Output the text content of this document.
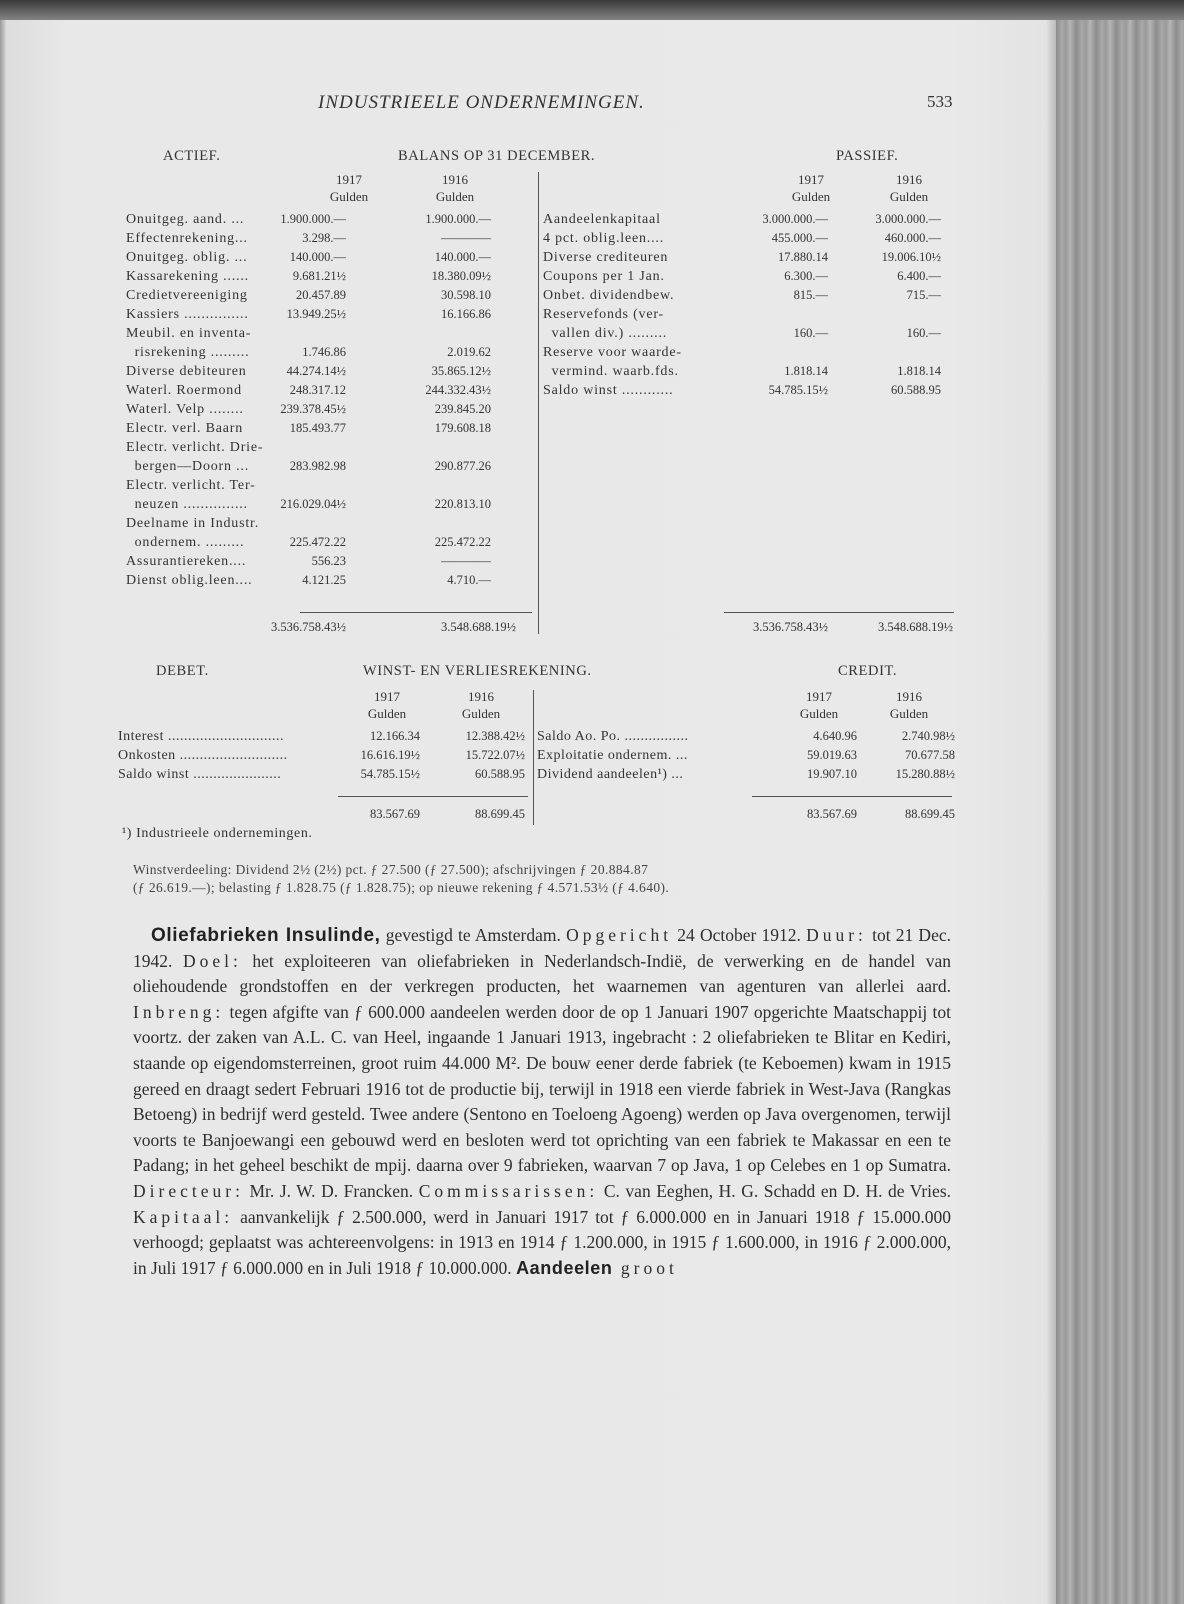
INDUSTRIEELE ONDERNEMINGEN.	533
ACTIEF.	BALANS OP 31 DECEMBER.	PASSIEF.
1917
Gulden
1916
Gulden
1917
Gulden
1916
Gulden
Onuitgeg. aand. ...	1.900.000.—	1.900.000.—
Effectenrekening...	3.298.—	————
Onuitgeg. oblig. ...	140.000.—	140.000.—
Kassarekening ......	9.681.21½	18.380.09½
Credietvereeniging	20.457.89	30.598.10
Kassiers ...............	13.949.25½	16.166.86
Meubil. en inventa-
risrekening .........	1.746.86	2.019.62
Diverse debiteuren	44.274.14½	35.865.12½
Waterl. Roermond	248.317.12	244.332.43½
Waterl. Velp ........	239.378.45½	239.845.20
Electr. verl. Baarn	185.493.77	179.608.18
Electr. verlicht. Drie-
bergen—Doorn ...	283.982.98	290.877.26
Electr. verlicht. Ter-
neuzen ...............	216.029.04½	220.813.10
Deelname in Industr.
ondernem. .........	225.472.22	225.472.22
Assurantiereken....	556.23	————
Dienst oblig.leen....	4.121.25	4.710.—
3.536.758.43½	3.548.688.19½
Aandeelenkapitaal	3.000.000.—	3.000.000.—
4 pct. oblig.leen....	455.000.—	460.000.—
Diverse crediteuren	17.880.14	19.006.10½
Coupons per 1 Jan.	6.300.—	6.400.—
Onbet. dividendbew.	815.—	715.—
Reservefonds (ver-
vallen div.) .........	160.—	160.—
Reserve voor waarde-
vermind. waarb.fds.	1.818.14	1.818.14
Saldo winst ............	54.785.15½	60.588.95
3.536.758.43½	3.548.688.19½
DEBET.	WINST- EN VERLIESREKENING.	CREDIT.
1917
Gulden
1916
Gulden
1917
Gulden
1916
Gulden
Interest .............................	12.166.34	12.388.42½
Onkosten ...........................	16.616.19½	15.722.07½
Saldo winst ......................	54.785.15½	60.588.95
83.567.69	88.699.45
¹) Industrieele ondernemingen.
Saldo Ao. Po. ................	4.640.96	2.740.98½
Exploitatie ondernem. ...	59.019.63	70.677.58
Dividend aandeelen¹) ...	19.907.10	15.280.88½
83.567.69	88.699.45

Winstverdeeling: Dividend 2½ (2½) pct. ƒ 27.500 (ƒ 27.500); afschrijvingen ƒ 20.884.87

(ƒ 26.619.—); belasting ƒ 1.828.75 (ƒ 1.828.75); op nieuwe rekening ƒ 4.571.53½ (ƒ 4.640).

Oliefabrieken Insulinde, gevestigd te Amsterdam. Opgericht 24 October 1912. Duur: tot 21 Dec. 1942. Doel: het exploiteeren van oliefabrieken in Nederlandsch-Indië, de verwerking en de handel van oliehoudende grondstoffen en der verkregen producten, het waarnemen van agenturen van allerlei aard. Inbreng: tegen afgifte van ƒ 600.000 aandeelen werden door de op 1 Januari 1907 opgerichte Maatschappij tot voortz. der zaken van A.L. C. van Heel, ingaande 1 Januari 1913, ingebracht : 2 oliefabrieken te Blitar en Kediri, staande op eigendomsterreinen, groot ruim 44.000 M². De bouw eener derde fabriek (te Keboemen) kwam in 1915 gereed en draagt sedert Februari 1916 tot de productie bij, terwijl in 1918 een vierde fabriek in West-Java (Rangkas Betoeng) in bedrijf werd gesteld. Twee andere (Sentono en Toeloeng Agoeng) werden op Java overgenomen, terwijl voorts te Banjoewangi een gebouwd werd en besloten werd tot oprichting van een fabriek te Makassar en een te Padang; in het geheel beschikt de mpij. daarna over 9 fabrieken, waarvan 7 op Java, 1 op Celebes en 1 op Sumatra. Directeur: Mr. J. W. D. Francken. Commissarissen: C. van Eeghen, H. G. Schadd en D. H. de Vries. Kapitaal: aanvankelijk ƒ 2.500.000, werd in Januari 1917 tot ƒ 6.000.000 en in Januari 1918 ƒ 15.000.000 verhoogd; geplaatst was achtereenvolgens: in 1913 en 1914 ƒ 1.200.000, in 1915 ƒ 1.600.000, in 1916 ƒ 2.000.000, in Juli 1917 ƒ 6.000.000 en in Juli 1918 ƒ 10.000.000. Aandeelen groot
